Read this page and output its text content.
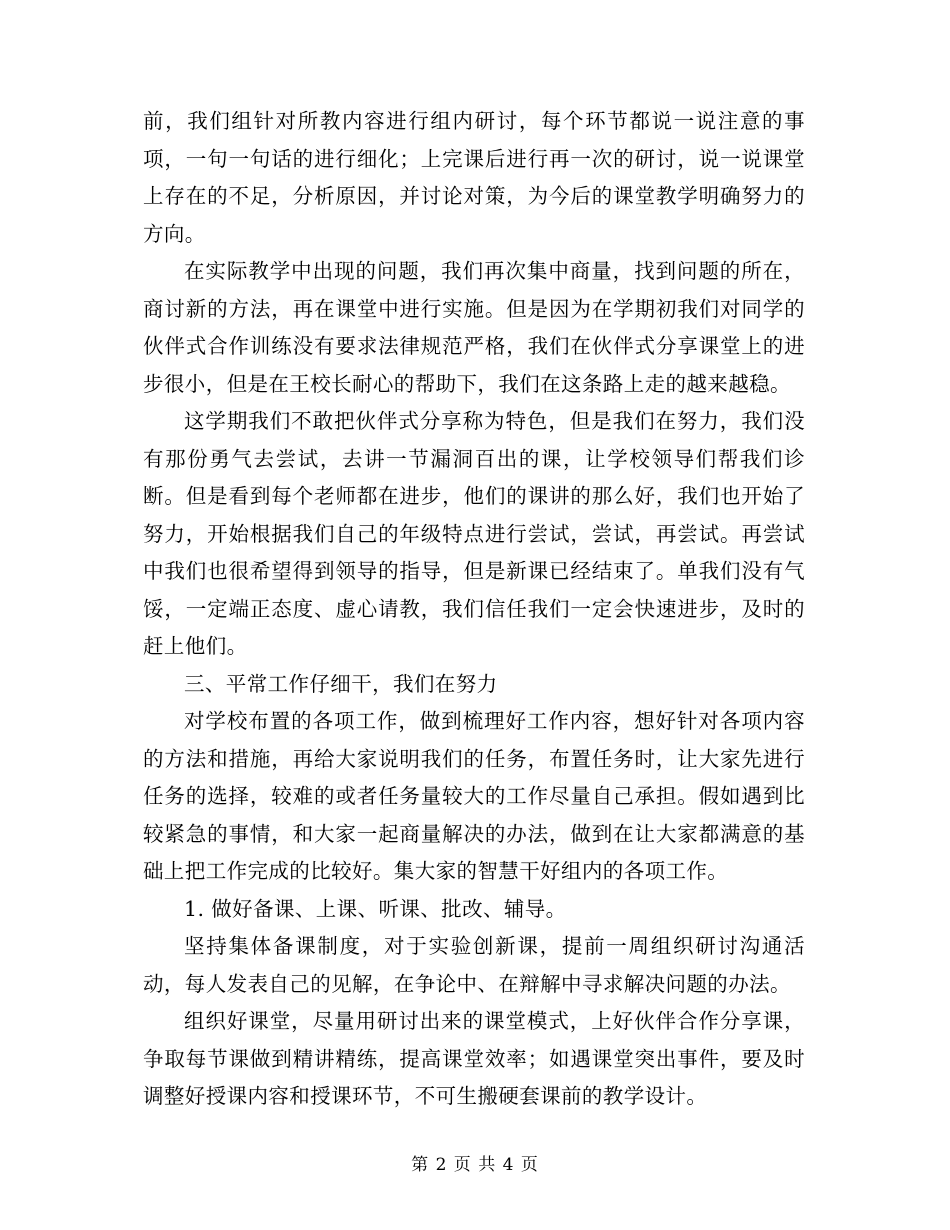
前，我们组针对所教内容进行组内研讨，每个环节都说一说注意的事项，一句一句话的进行细化；上完课后进行再一次的研讨，说一说课堂上存在的不足，分析原因，并讨论对策，为今后的课堂教学明确努力的方向。

在实际教学中出现的问题，我们再次集中商量，找到问题的所在，商讨新的方法，再在课堂中进行实施。但是因为在学期初我们对同学的伙伴式合作训练没有要求法律规范严格，我们在伙伴式分享课堂上的进步很小，但是在王校长耐心的帮助下，我们在这条路上走的越来越稳。

这学期我们不敢把伙伴式分享称为特色，但是我们在努力，我们没有那份勇气去尝试，去讲一节漏洞百出的课，让学校领导们帮我们诊断。但是看到每个老师都在进步，他们的课讲的那么好，我们也开始了努力，开始根据我们自己的年级特点进行尝试，尝试，再尝试。再尝试中我们也很希望得到领导的指导，但是新课已经结束了。单我们没有气馁，一定端正态度、虚心请教，我们信任我们一定会快速进步，及时的赶上他们。

三、平常工作仔细干，我们在努力

对学校布置的各项工作，做到梳理好工作内容，想好针对各项内容的方法和措施，再给大家说明我们的任务，布置任务时，让大家先进行任务的选择，较难的或者任务量较大的工作尽量自己承担。假如遇到比较紧急的事情，和大家一起商量解决的办法，做到在让大家都满意的基础上把工作完成的比较好。集大家的智慧干好组内的各项工作。

1. 做好备课、上课、听课、批改、辅导。

坚持集体备课制度，对于实验创新课，提前一周组织研讨沟通活动，每人发表自己的见解，在争论中、在辩解中寻求解决问题的办法。

组织好课堂，尽量用研讨出来的课堂模式，上好伙伴合作分享课，争取每节课做到精讲精练，提高课堂效率；如遇课堂突出事件，要及时调整好授课内容和授课环节，不可生搬硬套课前的教学设计。

第 2 页 共 4 页
